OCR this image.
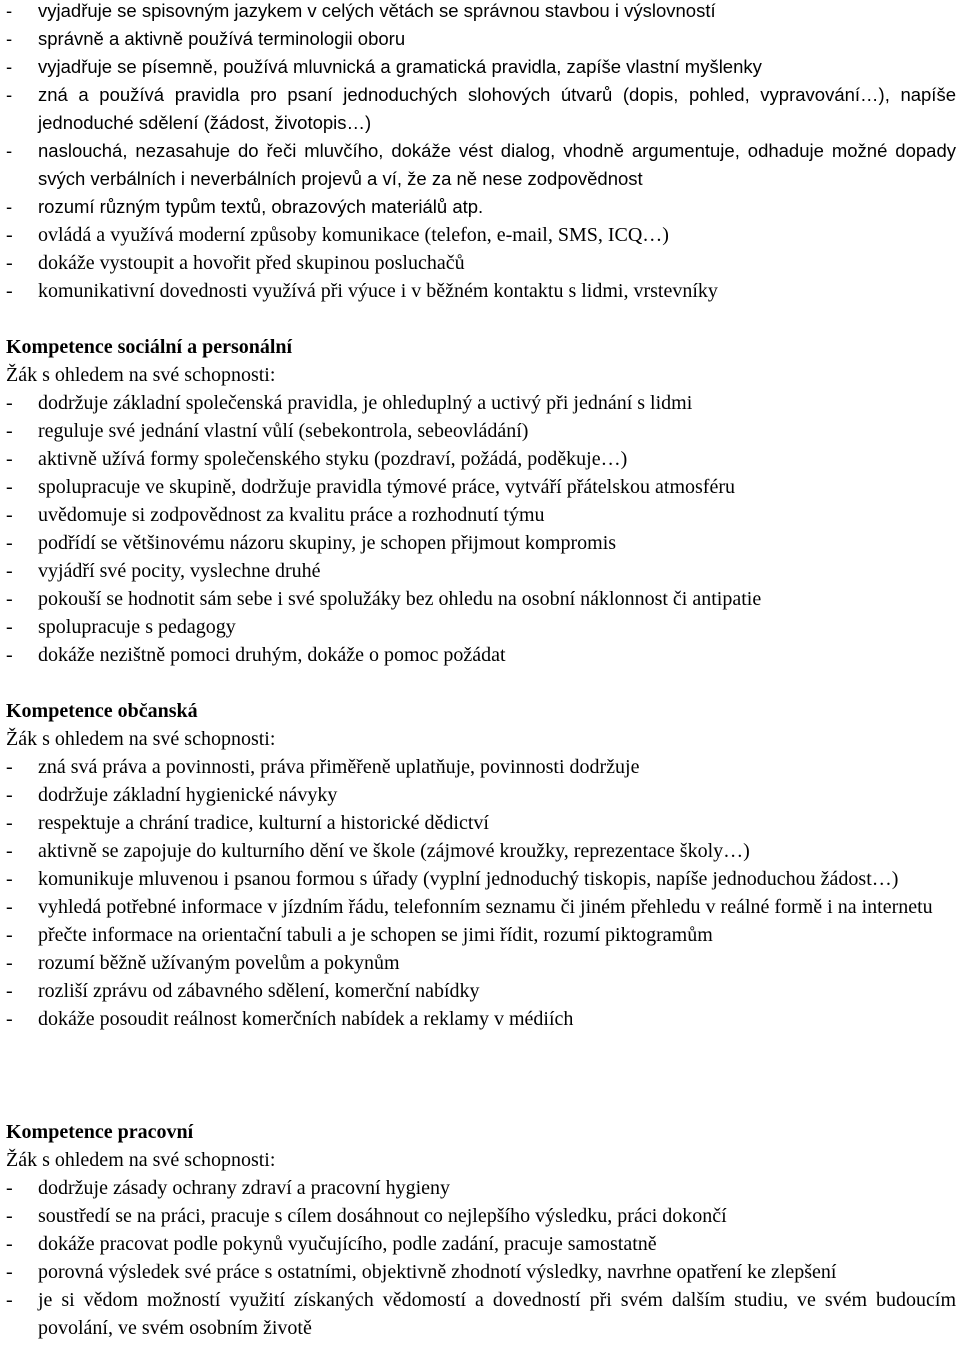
-	vyjadřuje se spisovným jazykem v celých větách se správnou stavbou i výslovností
-	správně a aktivně používá terminologii oboru
-	vyjadřuje se písemně, používá mluvnická a gramatická pravidla, zapíše vlastní myšlenky
-	zná a používá pravidla pro psaní jednoduchých slohových útvarů (dopis, pohled, vypravování…), napíše jednoduché sdělení (žádost, životopis…)
-	naslouchá, nezasahuje do řeči mluvčího, dokáže vést dialog, vhodně argumentuje, odhaduje možné dopady svých verbálních i neverbálních projevů a ví, že za ně nese zodpovědnost
-	rozumí různým typům textů, obrazových materiálů atp.
-	ovládá a využívá moderní způsoby komunikace (telefon, e-mail, SMS, ICQ…)
-	dokáže vystoupit a hovořit před skupinou posluchačů
-	komunikativní dovednosti využívá při výuce i v běžném kontaktu s lidmi, vrstevníky
Kompetence sociální a personální
Žák s ohledem na své schopnosti:
-	dodržuje základní společenská pravidla, je ohleduplný a uctivý při jednání s lidmi
-	reguluje své jednání vlastní vůlí (sebekontrola, sebeovládání)
-	aktivně užívá formy společenského styku (pozdraví, požádá, poděkuje…)
-	spolupracuje ve skupině, dodržuje pravidla týmové práce, vytváří přátelskou atmosféru
-	uvědomuje si zodpovědnost za kvalitu práce a rozhodnutí týmu
-	podřídí se většinovému názoru skupiny, je schopen přijmout kompromis
-	vyjádří své pocity, vyslechne druhé
-	pokouší se hodnotit sám sebe i své spolužáky bez ohledu na osobní náklonnost či antipatie
-	spolupracuje s pedagogy
-	dokáže nezištně pomoci druhým, dokáže o pomoc požádat
Kompetence občanská
Žák s ohledem na své schopnosti:
-	zná svá práva a povinnosti, práva přiměřeně uplatňuje, povinnosti dodržuje
-	dodržuje základní hygienické návyky
-	respektuje a chrání tradice, kulturní a historické dědictví
-	aktivně se zapojuje do kulturního dění ve škole (zájmové kroužky, reprezentace školy…)
-	komunikuje mluvenou i psanou formou s úřady (vyplní jednoduchý tiskopis, napíše jednoduchou žádost…)
-	vyhledá potřebné informace v jízdním řádu, telefonním seznamu či jiném přehledu v reálné formě i na internetu
-	přečte informace na orientační tabuli a je schopen se jimi řídit, rozumí piktogramům
-	rozumí běžně užívaným povelům a pokynům
-	rozliší zprávu od zábavného sdělení, komerční nabídky
-	dokáže posoudit reálnost komerčních nabídek a reklamy v médiích
Kompetence pracovní
Žák s ohledem na své schopnosti:
-	dodržuje zásady ochrany zdraví a pracovní hygieny
-	soustředí se na práci, pracuje s cílem dosáhnout co nejlepšího výsledku, práci dokončí
-	dokáže pracovat podle pokynů vyučujícího, podle zadání, pracuje samostatně
-	porovná výsledek své práce s ostatními, objektivně zhodnotí výsledky, navrhne opatření ke zlepšení
-	je si vědom možností využití získaných vědomostí a dovedností při svém dalším studiu, ve svém budoucím povolání, ve svém osobním životě
